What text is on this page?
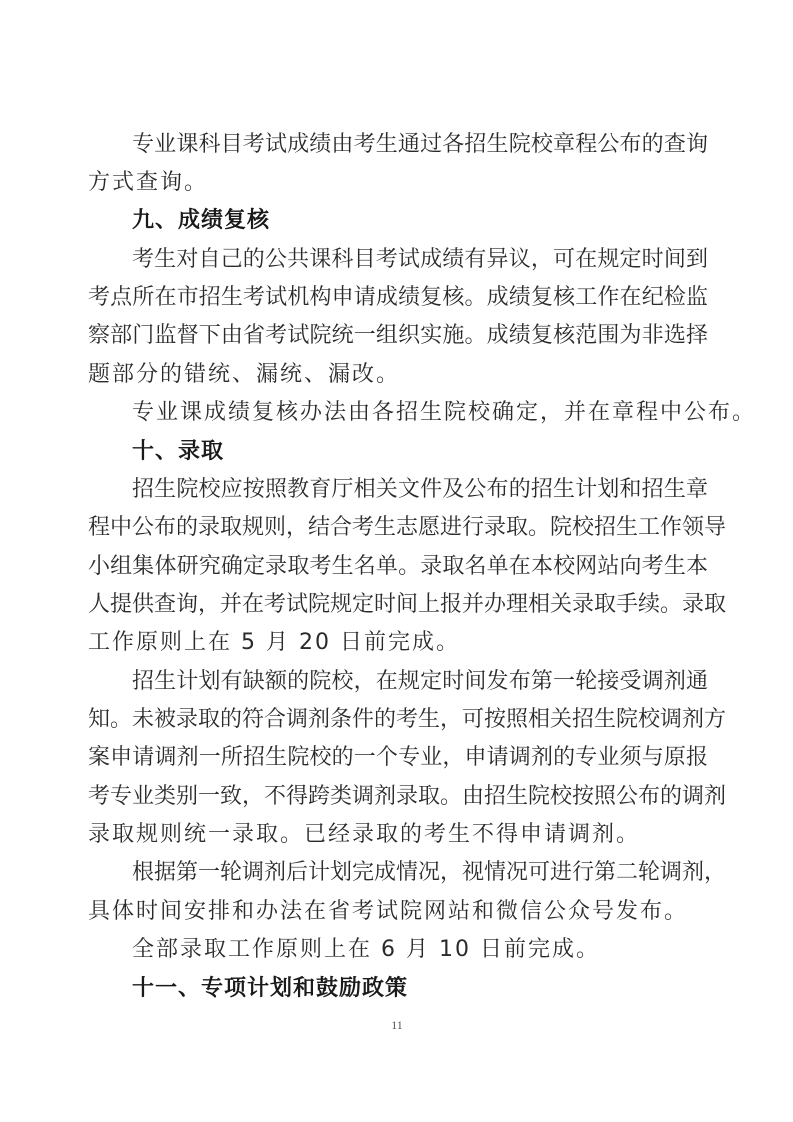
专业课科目考试成绩由考生通过各招生院校章程公布的查询
方式查询。
九、成绩复核
考生对自己的公共课科目考试成绩有异议，可在规定时间到
考点所在市招生考试机构申请成绩复核。成绩复核工作在纪检监
察部门监督下由省考试院统一组织实施。成绩复核范围为非选择
题部分的错统、漏统、漏改。
专业课成绩复核办法由各招生院校确定，并在章程中公布。
十、录取
招生院校应按照教育厅相关文件及公布的招生计划和招生章
程中公布的录取规则，结合考生志愿进行录取。院校招生工作领导
小组集体研究确定录取考生名单。录取名单在本校网站向考生本
人提供查询，并在考试院规定时间上报并办理相关录取手续。录取
工作原则上在 5 月 20 日前完成。
招生计划有缺额的院校，在规定时间发布第一轮接受调剂通
知。未被录取的符合调剂条件的考生，可按照相关招生院校调剂方
案申请调剂一所招生院校的一个专业，申请调剂的专业须与原报
考专业类别一致，不得跨类调剂录取。由招生院校按照公布的调剂
录取规则统一录取。已经录取的考生不得申请调剂。
根据第一轮调剂后计划完成情况，视情况可进行第二轮调剂，
具体时间安排和办法在省考试院网站和微信公众号发布。
全部录取工作原则上在 6 月 10 日前完成。
十一、专项计划和鼓励政策
11
